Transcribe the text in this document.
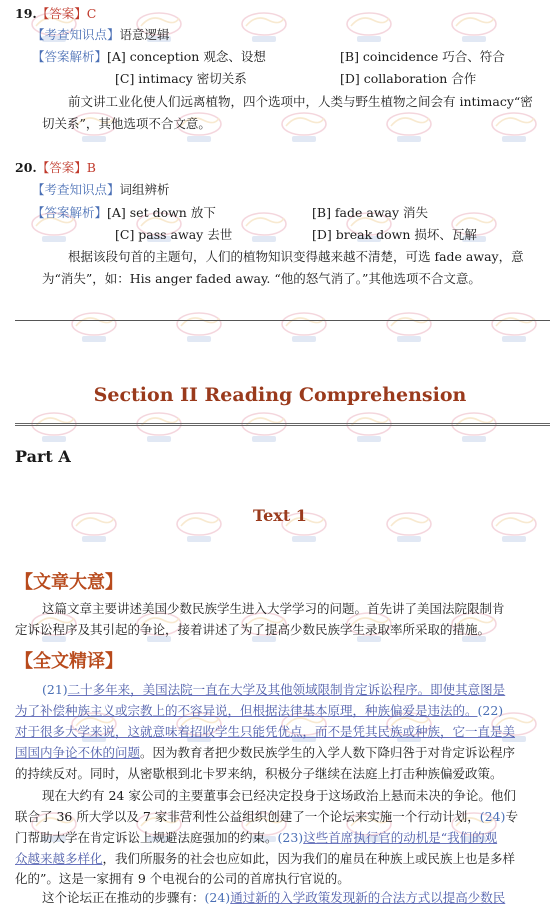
19.【答案】C
【考查知识点】语意逻辑
【答案解析】[A] conception 观念、设想	[B] coincidence 巧合、符合
[C] intimacy 密切关系	[D] collaboration 合作
前文讲工业化使人们远离植物，四个选项中，人类与野生植物之间会有 intimacy“密
切关系”，其他选项不合文意。
20.【答案】B
【考查知识点】词组辨析
【答案解析】[A] set down 放下	[B] fade away 消失
[C] pass away 去世	[D] break down 损坏、瓦解
根据该段句首的主题句，人们的植物知识变得越来越不清楚，可选 fade away，意
为“消失”，如：His anger faded away. “他的怒气消了。”其他选项不合文意。
Section II Reading Comprehension
Part A
Text 1
【文章大意】
这篇文章主要讲述美国少数民族学生进入大学学习的问题。首先讲了美国法院限制肯
定诉讼程序及其引起的争论，接着讲述了为了提高少数民族学生录取率所采取的措施。
【全文精译】
(21)二十多年来，美国法院一直在大学及其他领域限制肯定诉讼程序。即使其意图是
为了补偿种族主义或宗教上的不容异说，但根据法律基本原理，种族偏爱是违法的。(22)
对于很多大学来说，这就意味着招收学生只能凭优点，而不是凭其民族或种族，它一直是美
国国内争论不休的问题。因为教育者把少数民族学生的入学人数下降归咎于对肯定诉讼程序
的持续反对。同时，从密歇根到北卡罗来纳，积极分子继续在法庭上打击种族偏爱政策。
现在大约有 24 家公司的主要董事会已经决定投身于这场政治上悬而未决的争论。他们
联合了 36 所大学以及 7 家非营利性公益组织创建了一个论坛来实施一个行动计划，(24)专
门帮助大学在肯定诉讼上规避法庭强加的约束。(23)这些首席执行官的动机是“我们的观
众越来越多样化，我们所服务的社会也应如此，因为我们的雇员在种族上或民族上也是多样
化的”。这是一家拥有 9 个电视台的公司的首席执行官说的。
这个论坛正在推动的步骤有：(24)通过新的入学政策发现新的合法方式以提高少数民
